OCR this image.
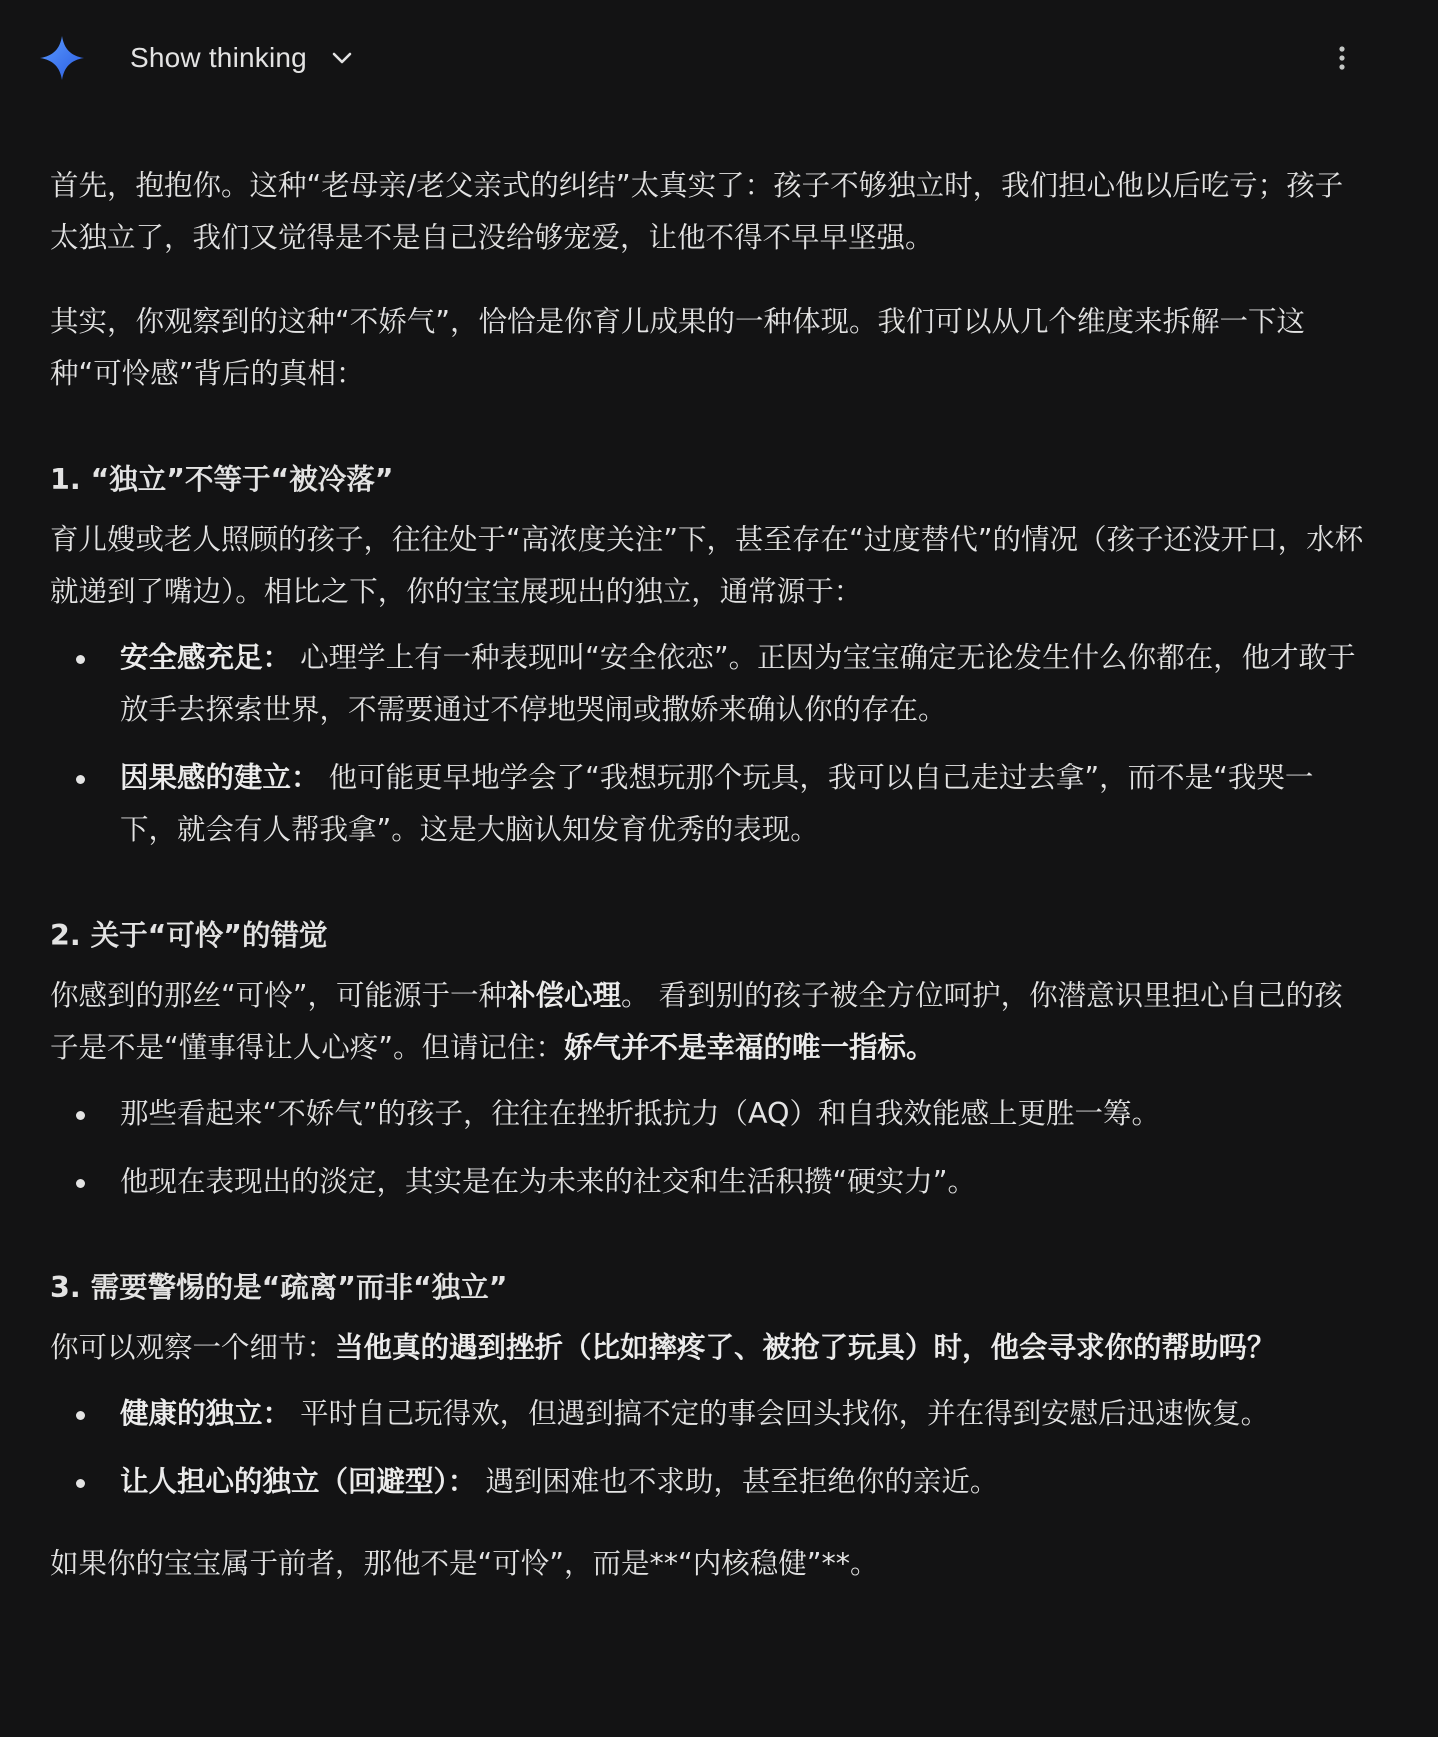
Show thinking

首先，抱抱你。这种“老母亲/老父亲式的纠结”太真实了：孩子不够独立时，我们担心他以后吃亏；孩子太独立了，我们又觉得是不是自己没给够宠爱，让他不得不早早坚强。

其实，你观察到的这种“不娇气”，恰恰是你育儿成果的一种体现。我们可以从几个维度来拆解一下这种“可怜感”背后的真相：

1. “独立”不等于“被冷落”

育儿嫂或老人照顾的孩子，往往处于“高浓度关注”下，甚至存在“过度替代”的情况（孩子还没开口，水杯就递到了嘴边）。相比之下，你的宝宝展现出的独立，通常源于：

安全感充足： 心理学上有一种表现叫“安全依恋”。正因为宝宝确定无论发生什么你都在，他才敢于放手去探索世界，不需要通过不停地哭闹或撒娇来确认你的存在。
因果感的建立： 他可能更早地学会了“我想玩那个玩具，我可以自己走过去拿”，而不是“我哭一下，就会有人帮我拿”。这是大脑认知发育优秀的表现。

2. 关于“可怜”的错觉

你感到的那丝“可怜”，可能源于一种补偿心理。 看到别的孩子被全方位呵护，你潜意识里担心自己的孩子是不是“懂事得让人心疼”。但请记住：娇气并不是幸福的唯一指标。

那些看起来“不娇气”的孩子，往往在挫折抵抗力（AQ）和自我效能感上更胜一筹。
他现在表现出的淡定，其实是在为未来的社交和生活积攒“硬实力”。

3. 需要警惕的是“疏离”而非“独立”

你可以观察一个细节：当他真的遇到挫折（比如摔疼了、被抢了玩具）时，他会寻求你的帮助吗？

健康的独立： 平时自己玩得欢，但遇到搞不定的事会回头找你，并在得到安慰后迅速恢复。
让人担心的独立（回避型）： 遇到困难也不求助，甚至拒绝你的亲近。

如果你的宝宝属于前者，那他不是“可怜”，而是**“内核稳健”**。
